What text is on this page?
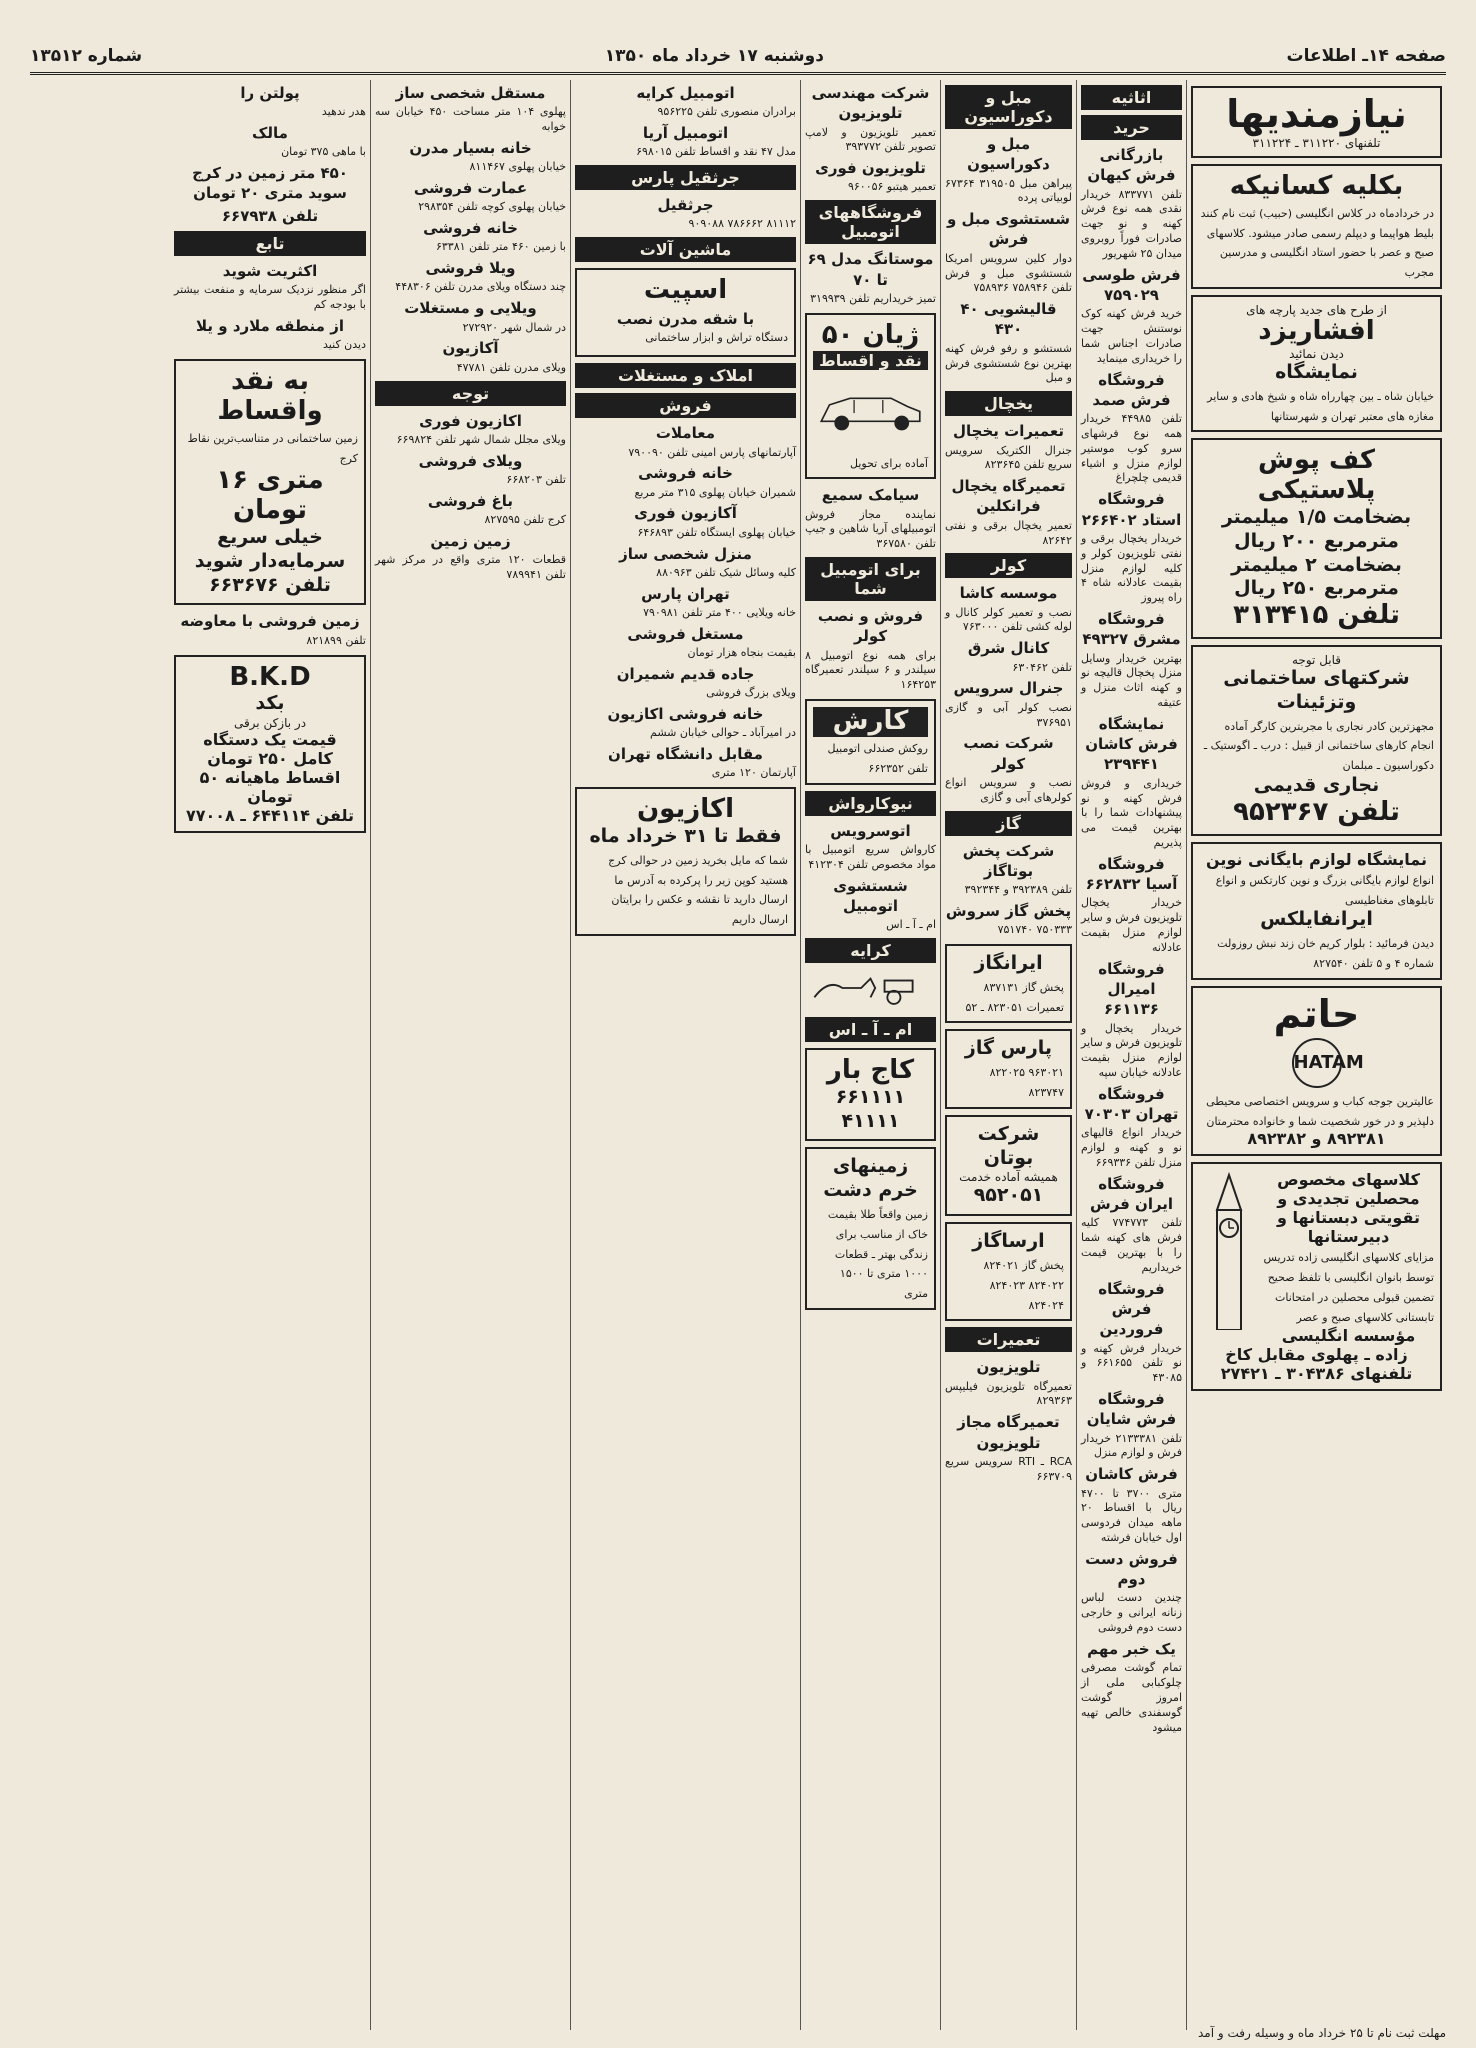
صفحه ۱۴ـ اطلاعات
دوشنبه ۱۷ خرداد ماه ۱۳۵۰
شماره ۱۳۵۱۲
نیازمندیها
تلفنهای ۳۱۱۲۲۰ ـ ۳۱۱۲۲۴
بکلیه کسانیکه
در خردادماه در کلاس انگلیسی (حبیب) ثبت نام کنند بلیط هواپیما و دیپلم رسمی صادر میشود. کلاسهای صبح و عصر با حضور استاد انگلیسی و مدرسین مجرب
از طرح های جدید پارچه های
افشاریزد
دیدن نمائید
نمایشگاه
خیابان شاه ـ بین چهارراه شاه و شیخ هادی و سایر مغازه های معتبر تهران و شهرستانها
کف پوش پلاستیکی
بضخامت ۱/۵ میلیمتر
مترمربع ۲۰۰ ریال
بضخامت ۲ میلیمتر
مترمربع ۲۵۰ ریال
تلفن ۳۱۳۴۱۵
قابل توجه
شرکتهای ساختمانی
وتزئینات
مجهزترین کادر نجاری با مجربترین کارگر آماده انجام کارهای ساختمانی از قبیل : درب ـ اگوستیک ـ دکوراسیون ـ مبلمان
نجاری قدیمی
تلفن ۹۵۲۳۶۷
نمایشگاه لوازم بایگانی نوین
انواع لوازم بایگانی بزرگ و نوین کارتکس و انواع تابلوهای مغناطیسی
ایرانفایلکس
دیدن فرمائید : بلوار کریم خان زند نبش روزولت شماره ۴ و ۵ تلفن ۸۲۷۵۴۰
حاتم
HATAM
عالیترین جوجه کباب و سرویس اختصاصی محیطی دلپذیر و در خور شخصیت شما و خانواده محترمتان
۸۹۲۳۸۱ و ۸۹۲۳۸۲
کلاسهای مخصوص محصلین تجدیدی و تقویتی دبستانها و دبیرستانها
مزایای کلاسهای انگلیسی زاده تدریس توسط بانوان انگلیسی با تلفظ صحیح تضمین قبولی محصلین در امتحانات تابستانی کلاسهای صبح و عصر
مؤسسه انگلیسی زاده ـ پهلوی مقابل کاخ تلفنهای ۳۰۴۳۸۶ ـ ۲۷۴۲۱
اثاثیه
حرید
بازرگانی فرش کیهان
تلفن ۸۳۳۷۷۱ خریدار نقدی همه نوع فرش کهنه و نو جهت صادرات فوراً روبروی میدان ۲۵ شهریور
فرش طوسی ۷۵۹۰۲۹
خرید فرش کهنه کوک نوستنش جهت صادرات اجناس شما را خریداری مینماید
فروشگاه فرش صمد
تلفن ۴۴۹۸۵ خریدار همه نوع فرشهای سرو کوب موستیر لوازم منزل و اشیاء قدیمی چلچراغ
فروشگاه استاد ۲۶۶۴۰۲
خریدار یخچال برقی و نفتی تلویزیون کولر و کلیه لوازم منزل بقیمت عادلانه شاه ۴ راه پیروز
فروشگاه مشرق ۴۹۳۲۷
بهترین خریدار وسایل منزل پخچال قالیچه نو و کهنه اثاث منزل و عتیقه
نمایشگاه فرش کاشان ۲۳۹۴۴۱
خریداری و فروش فرش کهنه و نو پیشنهادات شما را با بهترین قیمت می پذیریم
فروشگاه آسیا ۶۶۲۸۳۲
خریدار یخچال تلویزیون فرش و سایر لوازم منزل بقیمت عادلانه
فروشگاه امیرال ۶۶۱۱۳۶
خریدار یخچال و تلویزیون فرش و سایر لوازم منزل بقیمت عادلانه خیابان سپه
فروشگاه تهران ۷۰۳۰۳
خریدار انواع قالیهای نو و کهنه و لوازم منزل تلفن ۶۶۹۳۳۶
فروشگاه ایران فرش
تلفن ۷۷۴۷۷۳ کلیه فرش های کهنه شما را با بهترین قیمت خریداریم
فروشگاه فرش فروردین
خریدار فرش کهنه و نو تلفن ۶۶۱۶۵۵ و ۴۳۰۸۵
فروشگاه فرش شایان
تلفن ۲۱۳۳۳۸۱ خریدار فرش و لوازم منزل
فرش کاشان
متری ۳۷۰۰ تا ۴۷۰۰ ریال با اقساط ۲۰ ماهه میدان فردوسی اول خیابان فرشته
فروش دست دوم
چندین دست لباس زنانه ایرانی و خارجی دست دوم فروشی
یک خبر مهم
تمام گوشت مصرفی چلوکبابی ملی از امروز گوشت گوسفندی خالص تهیه میشود
مبل و دکوراسیون
مبل و دکوراسیون
پیراهن مبل ۳۱۹۵۰۵ ۶۷۳۶۴ لوبیاتی پرده
شستشوی مبل و فرش
دوار کلین سرویس امریکا شستشوی مبل و فرش تلفن ۷۵۸۹۴۶ ۷۵۸۹۳۶
قالیشویی ۴۰ ۴۳۰
شستشو و رفو فرش کهنه بهترین نوع شستشوی فرش و مبل
یخچال
تعمیرات یخچال
جنرال الکتریک سرویس سریع تلفن ۸۲۳۶۴۵
تعمیرگاه یخچال فرانکلین
تعمیر یخچال برقی و نفتی ۸۲۶۴۲
کولر
موسسه کاشا
نصب و تعمیر کولر کانال و لوله کشی تلفن ۷۶۳۰۰۰
کانال شرق
تلفن ۶۳۰۴۶۲
جنرال سرویس
نصب کولر آبی و گازی ۳۷۶۹۵۱
شرکت نصب کولر
نصب و سرویس انواع کولرهای آبی و گازی
گاز
شرکت پخش بوتاگاز
تلفن ۳۹۲۳۸۹ و ۳۹۲۳۴۴
پخش گاز سروش
۷۵۰۳۳۳ ۷۵۱۷۴۰
ایرانگاز
پخش گاز ۸۳۷۱۳۱ تعمیرات ۸۲۳۰۵۱ ـ ۵۲
پارس گاز
۹۶۳۰۲۱ ۸۲۲۰۲۵ ۸۲۳۷۴۷
شرکت بوتان
همیشه آماده خدمت
۹۵۲۰۵۱
ارساگاز
پخش گاز ۸۲۴۰۲۱ ۸۲۴۰۲۲ ۸۲۴۰۲۳ ۸۲۴۰۲۴
تعمیرات
تلویزیون
تعمیرگاه تلویزیون فیلیپس ۸۲۹۳۶۳
تعمیرگاه مجاز تلویزیون
RCA ـ RTI سرویس سریع ۶۶۳۷۰۹
شرکت مهندسی تلویزیون
تعمیر تلویزیون و لامپ تصویر تلفن ۳۹۳۷۷۲
تلویزیون فوری
تعمیر هیتبو ۹۶۰۰۵۶
فروشگاههای اتومبیل
موستانگ مدل ۶۹ تا ۷۰
تمیز خریداریم تلفن ۳۱۹۹۳۹
ژیان ۵۰
نقد و اقساط
آماده برای تحویل
سیامک سمیع
نماینده مجاز فروش اتومبیلهای آریا شاهین و جیپ تلفن ۳۶۷۵۸۰
برای اتومبیل شما
فروش و نصب کولر
برای همه نوع اتومبیل ۸ سیلندر و ۶ سیلندر تعمیرگاه ۱۶۴۲۵۳
کارش
روکش صندلی اتومبیل تلفن ۶۶۲۳۵۲
نیوکارواش
اتوسرویس
کارواش سریع اتومبیل با مواد مخصوص تلفن ۴۱۲۳۰۴
شستشوی اتومبیل
ام ـ آ ـ اس
کرایه
ام ـ آ ـ اس
کاج بار
۶۶۱۱۱۱ ۴۱۱۱۱
زمینهای خرم دشت
زمین واقعاً طلا بقیمت خاک از مناسب برای زندگی بهتر ـ قطعات ۱۰۰۰ متری تا ۱۵۰۰ متری
اتومبیل کرایه
برادران منصوری تلفن ۹۵۶۲۲۵
اتومبیل آریا
مدل ۴۷ نقد و اقساط تلفن ۶۹۸۰۱۵
جرثقیل پارس
جرثقیل
۸۱۱۱۲ ۷۸۶۶۶۲ ۹۰۹۰۸۸
ماشین آلات
اسپیت
با شقه مدرن نصب
دستگاه تراش و ابزار ساختمانی
املاک و مستغلات
فروش
معاملات
آپارتمانهای پارس امینی تلفن ۷۹۰۰۹۰
خانه فروشی
شمیران خیابان پهلوی ۳۱۵ متر مربع
آکازیون فوری
خیابان پهلوی ایستگاه تلفن ۶۴۶۸۹۳
منزل شخصی ساز
کلیه وسائل شیک تلفن ۸۸۰۹۶۳
تهران پارس
خانه ویلایی ۴۰۰ متر تلفن ۷۹۰۹۸۱
مستغل فروشی
بقیمت بنجاه هزار تومان
جاده قدیم شمیران
ویلای بزرگ فروشی
خانه فروشی اکازیون
در امیرآباد ـ حوالی خیابان ششم
مقابل دانشگاه تهران
آپارتمان ۱۲۰ متری
اکازیون
فقط تا ۳۱ خرداد ماه
شما که مایل بخرید زمین در حوالی کرج هستید کوپن زیر را پرکرده به آدرس ما ارسال دارید تا نقشه و عکس را برایتان ارسال داریم
مستقل شخصی ساز
پهلوی ۱۰۴ متر مساحت ۴۵۰ خیابان سه خوابه
خانه بسیار مدرن
خیابان پهلوی ۸۱۱۴۶۷
عمارت فروشی
خیابان پهلوی کوچه تلفن ۲۹۸۳۵۴
خانه فروشی
با زمین ۴۶۰ متر تلفن ۶۳۳۸۱
ویلا فروشی
چند دستگاه ویلای مدرن تلفن ۴۴۸۳۰۶
ویلایی و مستغلات
در شمال شهر ۲۷۲۹۲۰
آکازیون
ویلای مدرن تلفن ۴۷۷۸۱
توجه
اکازیون فوری
ویلای مجلل شمال شهر تلفن ۶۶۹۸۲۴
ویلای فروشی
تلفن ۶۶۸۲۰۳
باغ فروشی
کرج تلفن ۸۲۷۵۹۵
زمین زمین
قطعات ۱۲۰ متری واقع در مرکز شهر تلفن ۷۸۹۹۴۱
پولتن را
هدر ندهید
مالک
با ماهی ۳۷۵ تومان
۴۵۰ متر زمین در کرج سوید متری ۲۰ تومان
تلفن ۶۶۷۹۳۸
تابع
اکثریت شوید
اگر منظور نزدیک سرمایه و منفعت بیشتر با بودجه کم
از منطقه ملارد و یلا
دیدن کنید
به نقد واقساط
زمین ساختمانی در متناسب‌ترین نقاط کرج
متری ۱۶ تومان
خیلی سریع سرمایه‌دار شوید
تلفن ۶۶۳۶۷۶
زمین فروشی با معاوضه
تلفن ۸۲۱۸۹۹
B.K.D
بکد
در بازکن برقی
قیمت یک دستگاه کامل ۲۵۰ تومان
اقساط ماهیانه ۵۰ تومان
تلفن ۶۴۴۱۱۴ ـ ۷۷۰۰۸
مهلت ثبت نام تا ۲۵ خرداد ماه و وسیله رفت و آمد
